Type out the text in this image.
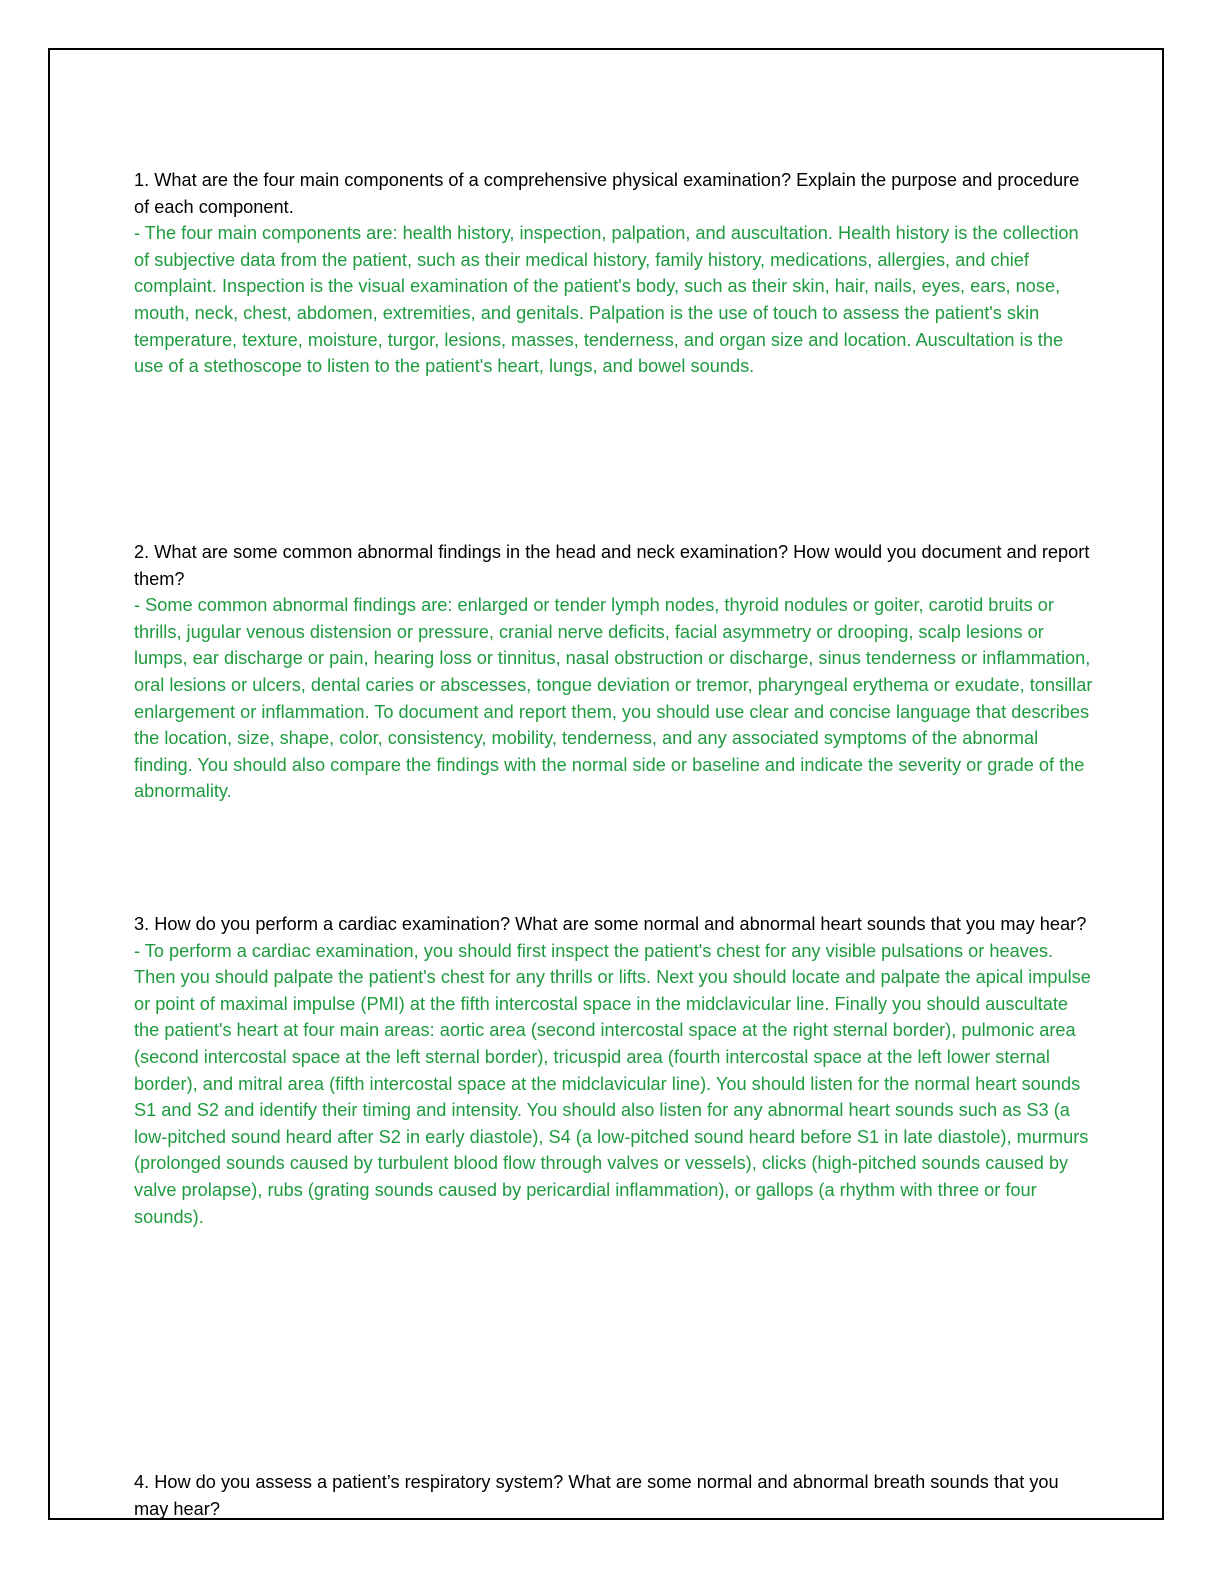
1. What are the four main components of a comprehensive physical examination? Explain the purpose and procedure of each component.

- The four main components are: health history, inspection, palpation, and auscultation. Health history is the collection of subjective data from the patient, such as their medical history, family history, medications, allergies, and chief complaint. Inspection is the visual examination of the patient's body, such as their skin, hair, nails, eyes, ears, nose, mouth, neck, chest, abdomen, extremities, and genitals. Palpation is the use of touch to assess the patient's skin temperature, texture, moisture, turgor, lesions, masses, tenderness, and organ size and location. Auscultation is the use of a stethoscope to listen to the patient's heart, lungs, and bowel sounds.

2. What are some common abnormal findings in the head and neck examination? How would you document and report them?

- Some common abnormal findings are: enlarged or tender lymph nodes, thyroid nodules or goiter, carotid bruits or thrills, jugular venous distension or pressure, cranial nerve deficits, facial asymmetry or drooping, scalp lesions or lumps, ear discharge or pain, hearing loss or tinnitus, nasal obstruction or discharge, sinus tenderness or inflammation, oral lesions or ulcers, dental caries or abscesses, tongue deviation or tremor, pharyngeal erythema or exudate, tonsillar enlargement or inflammation. To document and report them, you should use clear and concise language that describes the location, size, shape, color, consistency, mobility, tenderness, and any associated symptoms of the abnormal finding. You should also compare the findings with the normal side or baseline and indicate the severity or grade of the abnormality.

3. How do you perform a cardiac examination? What are some normal and abnormal heart sounds that you may hear?

- To perform a cardiac examination, you should first inspect the patient's chest for any visible pulsations or heaves. Then you should palpate the patient's chest for any thrills or lifts. Next you should locate and palpate the apical impulse or point of maximal impulse (PMI) at the fifth intercostal space in the midclavicular line. Finally you should auscultate the patient's heart at four main areas: aortic area (second intercostal space at the right sternal border), pulmonic area (second intercostal space at the left sternal border), tricuspid area (fourth intercostal space at the left lower sternal border), and mitral area (fifth intercostal space at the midclavicular line). You should listen for the normal heart sounds S1 and S2 and identify their timing and intensity. You should also listen for any abnormal heart sounds such as S3 (a low-pitched sound heard after S2 in early diastole), S4 (a low-pitched sound heard before S1 in late diastole), murmurs (prolonged sounds caused by turbulent blood flow through valves or vessels), clicks (high-pitched sounds caused by valve prolapse), rubs (grating sounds caused by pericardial inflammation), or gallops (a rhythm with three or four sounds).

4. How do you assess a patient’s respiratory system? What are some normal and abnormal breath sounds that you may hear?
